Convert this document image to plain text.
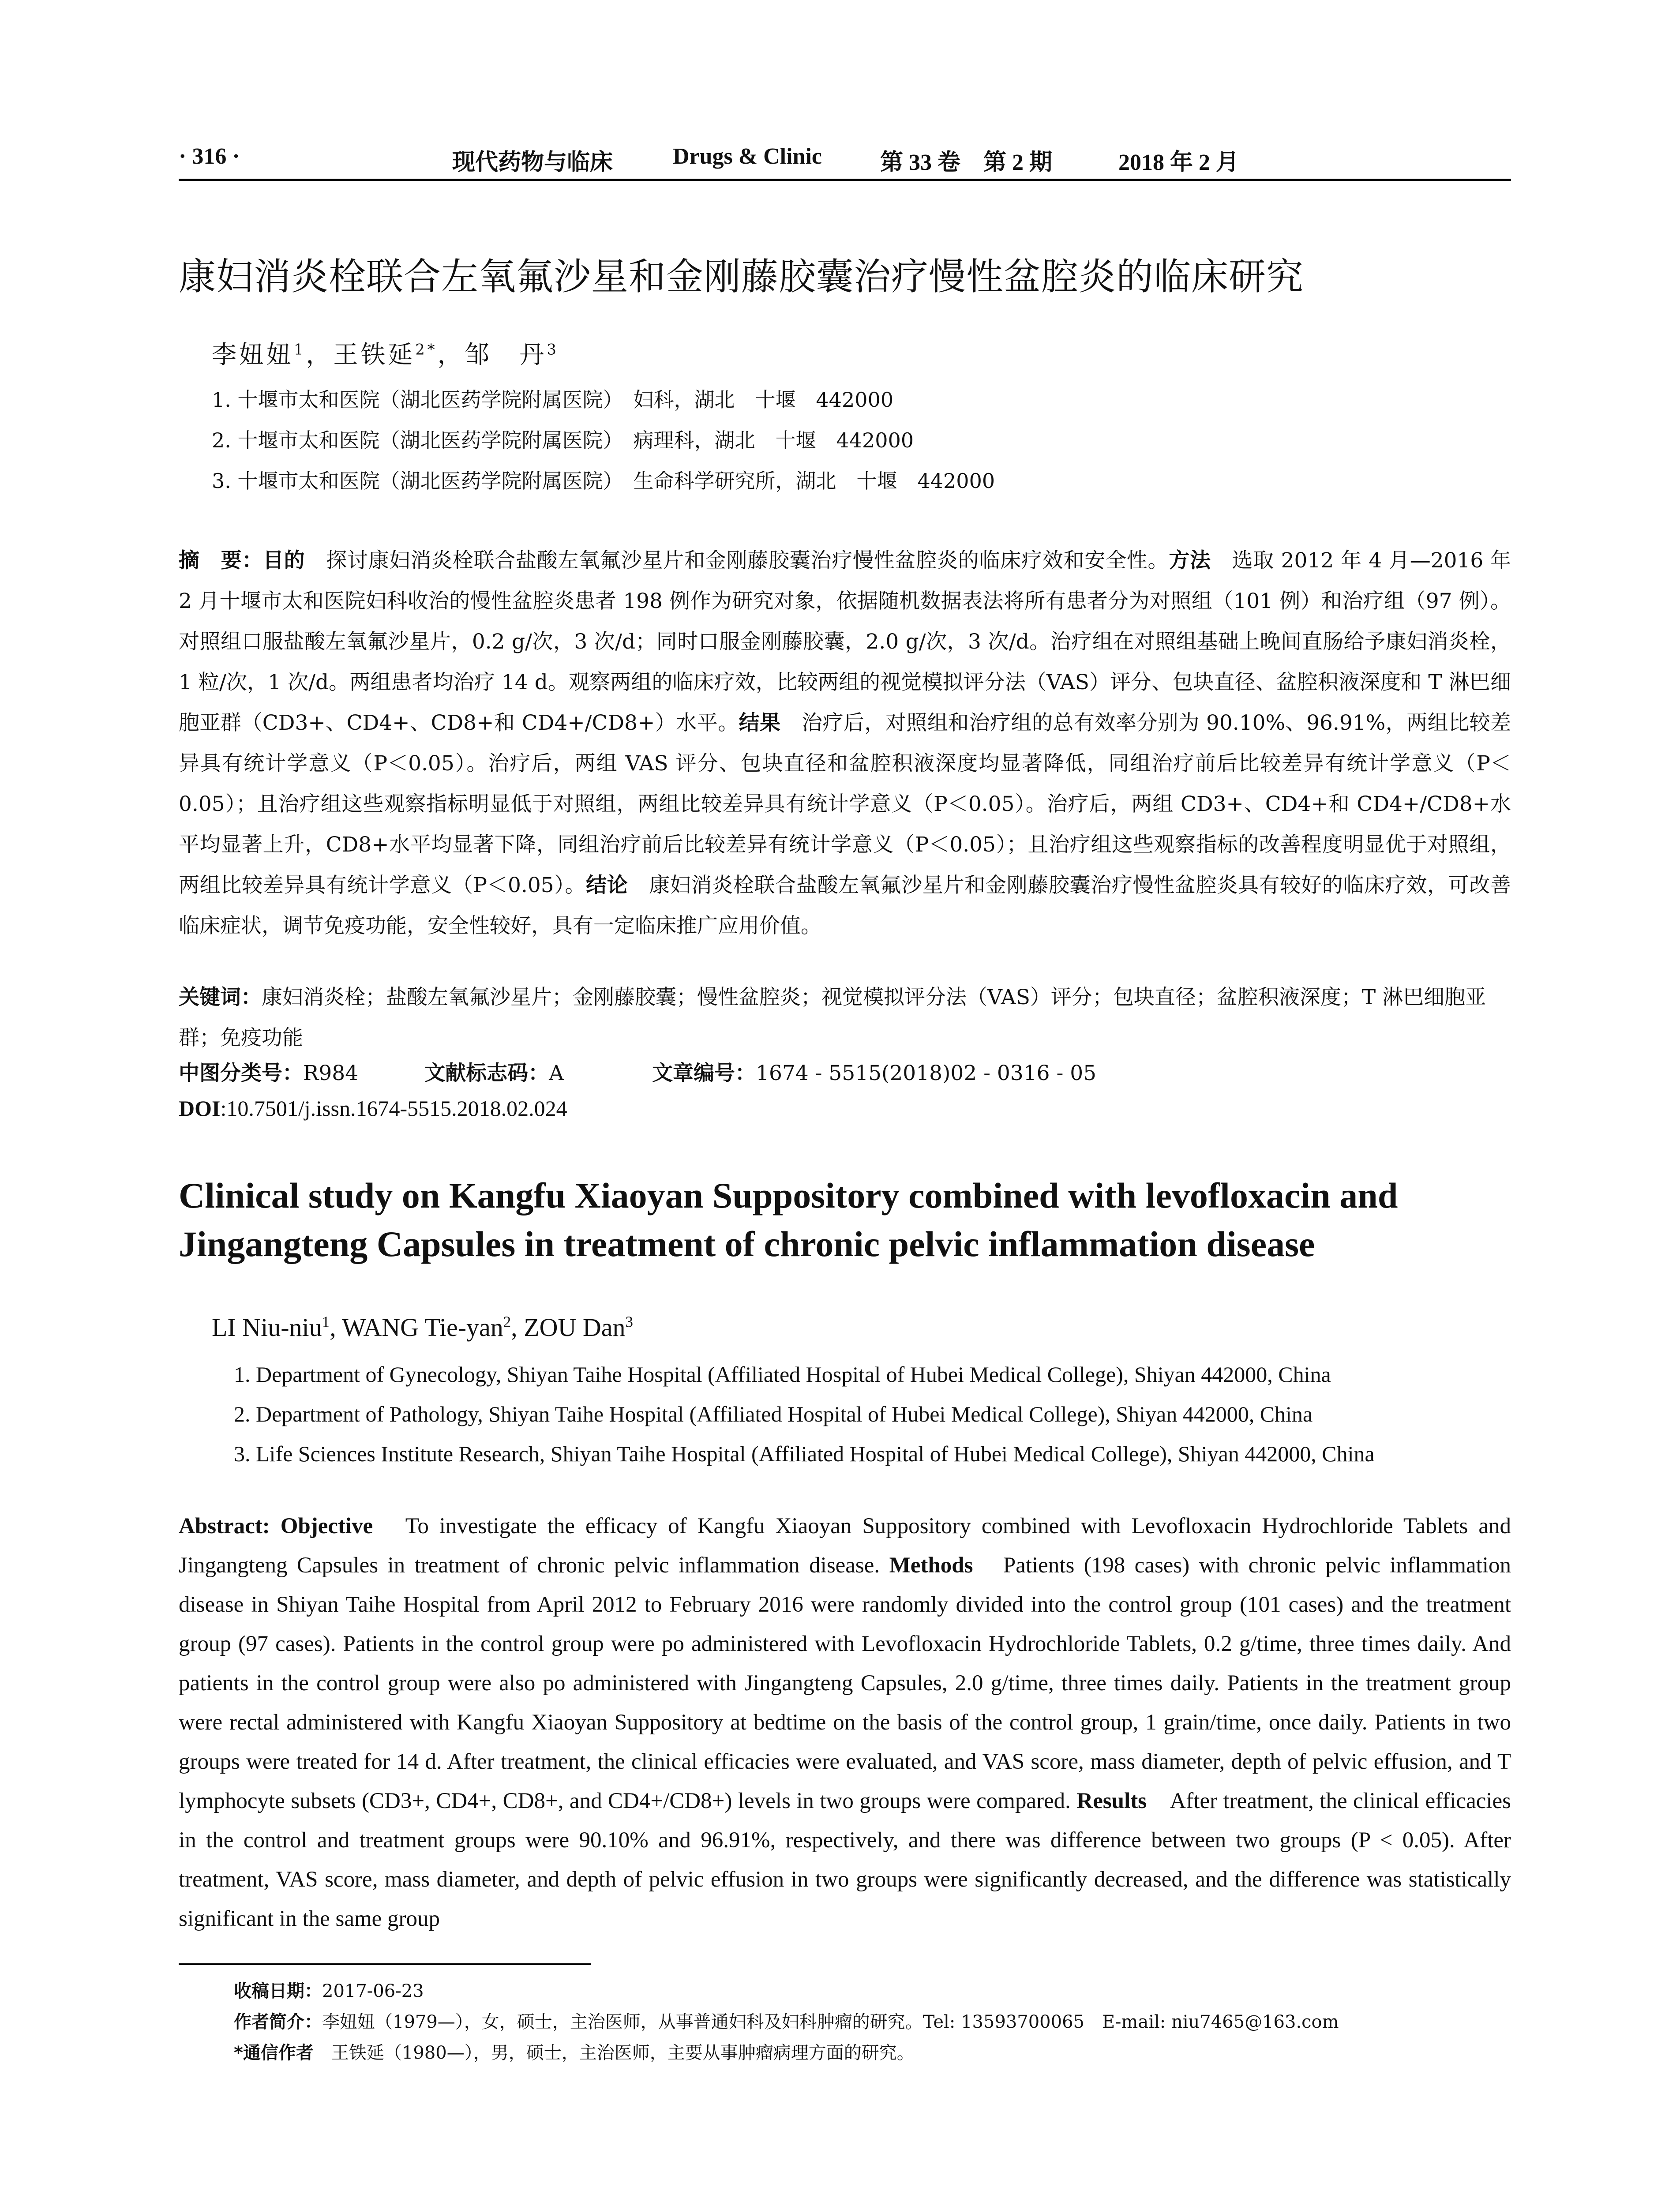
· 316 ·	现代药物与临床	Drugs & Clinic	第 33 卷　第 2 期	2018 年 2 月
康妇消炎栓联合左氧氟沙星和金刚藤胶囊治疗慢性盆腔炎的临床研究
李妞妞$^1$，王铁延$^{2*}$，邹　丹$^3$
1. 十堰市太和医院（湖北医药学院附属医院）　妇科，湖北　十堰　442000
2. 十堰市太和医院（湖北医药学院附属医院）　病理科，湖北　十堰　442000
3. 十堰市太和医院（湖北医药学院附属医院）　生命科学研究所，湖北　十堰　442000

摘　要：目的　探讨康妇消炎栓联合盐酸左氧氟沙星片和金刚藤胶囊治疗慢性盆腔炎的临床疗效和安全性。方法　选取 2012 年 4 月—2016 年 2 月十堰市太和医院妇科收治的慢性盆腔炎患者 198 例作为研究对象，依据随机数据表法将所有患者分为对照组（101 例）和治疗组（97 例）。对照组口服盐酸左氧氟沙星片，0.2 g/次，3 次/d；同时口服金刚藤胶囊，2.0 g/次，3 次/d。治疗组在对照组基础上晚间直肠给予康妇消炎栓，1 粒/次，1 次/d。两组患者均治疗 14 d。观察两组的临床疗效，比较两组的视觉模拟评分法（VAS）评分、包块直径、盆腔积液深度和 T 淋巴细胞亚群（CD3+、CD4+、CD8+和 CD4+/CD8+）水平。结果　治疗后，对照组和治疗组的总有效率分别为 90.10%、96.91%，两组比较差异具有统计学意义（P＜0.05）。治疗后，两组 VAS 评分、包块直径和盆腔积液深度均显著降低，同组治疗前后比较差异有统计学意义（P＜0.05）；且治疗组这些观察指标明显低于对照组，两组比较差异具有统计学意义（P＜0.05）。治疗后，两组 CD3+、CD4+和 CD4+/CD8+水平均显著上升，CD8+水平均显著下降，同组治疗前后比较差异有统计学意义（P＜0.05）；且治疗组这些观察指标的改善程度明显优于对照组，两组比较差异具有统计学意义（P＜0.05）。结论　康妇消炎栓联合盐酸左氧氟沙星片和金刚藤胶囊治疗慢性盆腔炎具有较好的临床疗效，可改善临床症状，调节免疫功能，安全性较好，具有一定临床推广应用价值。

关键词：康妇消炎栓；盐酸左氧氟沙星片；金刚藤胶囊；慢性盆腔炎；视觉模拟评分法（VAS）评分；包块直径；盆腔积液深度；T 淋巴细胞亚群；免疫功能
中图分类号：R984	文献标志码：A	文章编号：1674 - 5515(2018)02 - 0316 - 05
DOI:10.7501/j.issn.1674-5515.2018.02.024
Clinical study on Kangfu Xiaoyan Suppository combined with levofloxacin and Jingangteng Capsules in treatment of chronic pelvic inflammation disease
LI Niu-niu$^1$, WANG Tie-yan$^2$, ZOU Dan$^3$
1. Department of Gynecology, Shiyan Taihe Hospital (Affiliated Hospital of Hubei Medical College), Shiyan 442000, China
2. Department of Pathology, Shiyan Taihe Hospital (Affiliated Hospital of Hubei Medical College), Shiyan 442000, China
3. Life Sciences Institute Research, Shiyan Taihe Hospital (Affiliated Hospital of Hubei Medical College), Shiyan 442000, China

Abstract: Objective　To investigate the efficacy of Kangfu Xiaoyan Suppository combined with Levofloxacin Hydrochloride Tablets and Jingangteng Capsules in treatment of chronic pelvic inflammation disease. Methods　Patients (198 cases) with chronic pelvic inflammation disease in Shiyan Taihe Hospital from April 2012 to February 2016 were randomly divided into the control group (101 cases) and the treatment group (97 cases). Patients in the control group were po administered with Levofloxacin Hydrochloride Tablets, 0.2 g/time, three times daily. And patients in the control group were also po administered with Jingangteng Capsules, 2.0 g/time, three times daily. Patients in the treatment group were rectal administered with Kangfu Xiaoyan Suppository at bedtime on the basis of the control group, 1 grain/time, once daily. Patients in two groups were treated for 14 d. After treatment, the clinical efficacies were evaluated, and VAS score, mass diameter, depth of pelvic effusion, and T lymphocyte subsets (CD3+, CD4+, CD8+, and CD4+/CD8+) levels in two groups were compared. Results　After treatment, the clinical efficacies in the control and treatment groups were 90.10% and 96.91%, respectively, and there was difference between two groups (P < 0.05). After treatment, VAS score, mass diameter, and depth of pelvic effusion in two groups were significantly decreased, and the difference was statistically significant in the same group

收稿日期：2017-06-23
作者简介：李妞妞（1979—），女，硕士，主治医师，从事普通妇科及妇科肿瘤的研究。Tel: 13593700065　E-mail: niu7465@163.com
*通信作者　王铁延（1980—），男，硕士，主治医师，主要从事肿瘤病理方面的研究。
